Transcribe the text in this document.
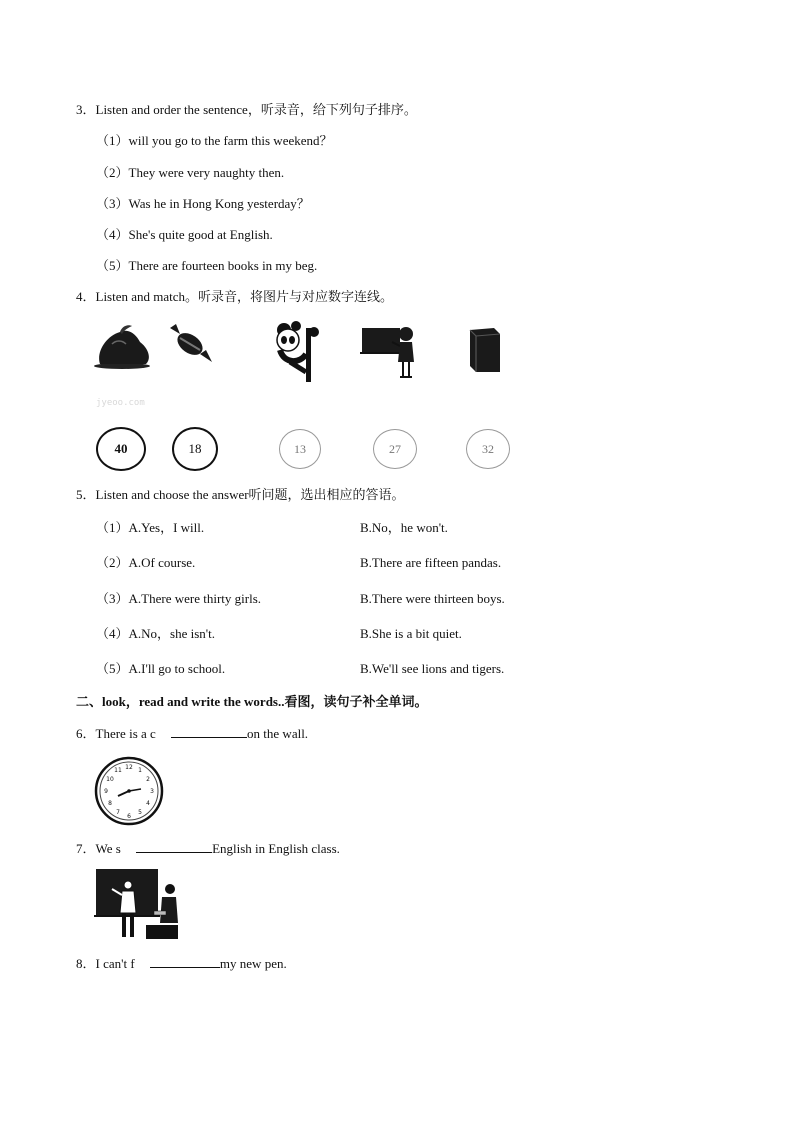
3．Listen and order the sentence，听录音，给下列句子排序。
（1）will you go to the farm this weekend？
（2）They were very naughty then.
（3）Was he in Hong Kong yesterday？
（4）She's quite good at English.
（5）There are fourteen books in my beg.
4．Listen and match。听录音，将图片与对应数字连线。
jyeoo.com
40	18	13	27	32
5．Listen and choose the answer听问题，选出相应的答语。
（1）A.Yes，I will.	B.No，he won't.
（2）A.Of course.	B.There are fifteen pandas.
（3）A.There were thirty girls.	B.There were thirteen boys.
（4）A.No，she isn't.	B.She is a bit quiet.
（5）A.I'll go to school.	B.We'll see lions and tigers.
二、look，read and write the words..看图，读句子补全单词。
6．There is a c	on the wall.
12 1
2
3
4
5
6
7
8
9
10
11
7．We s	English in English class.
8．I can't f	my new pen.
